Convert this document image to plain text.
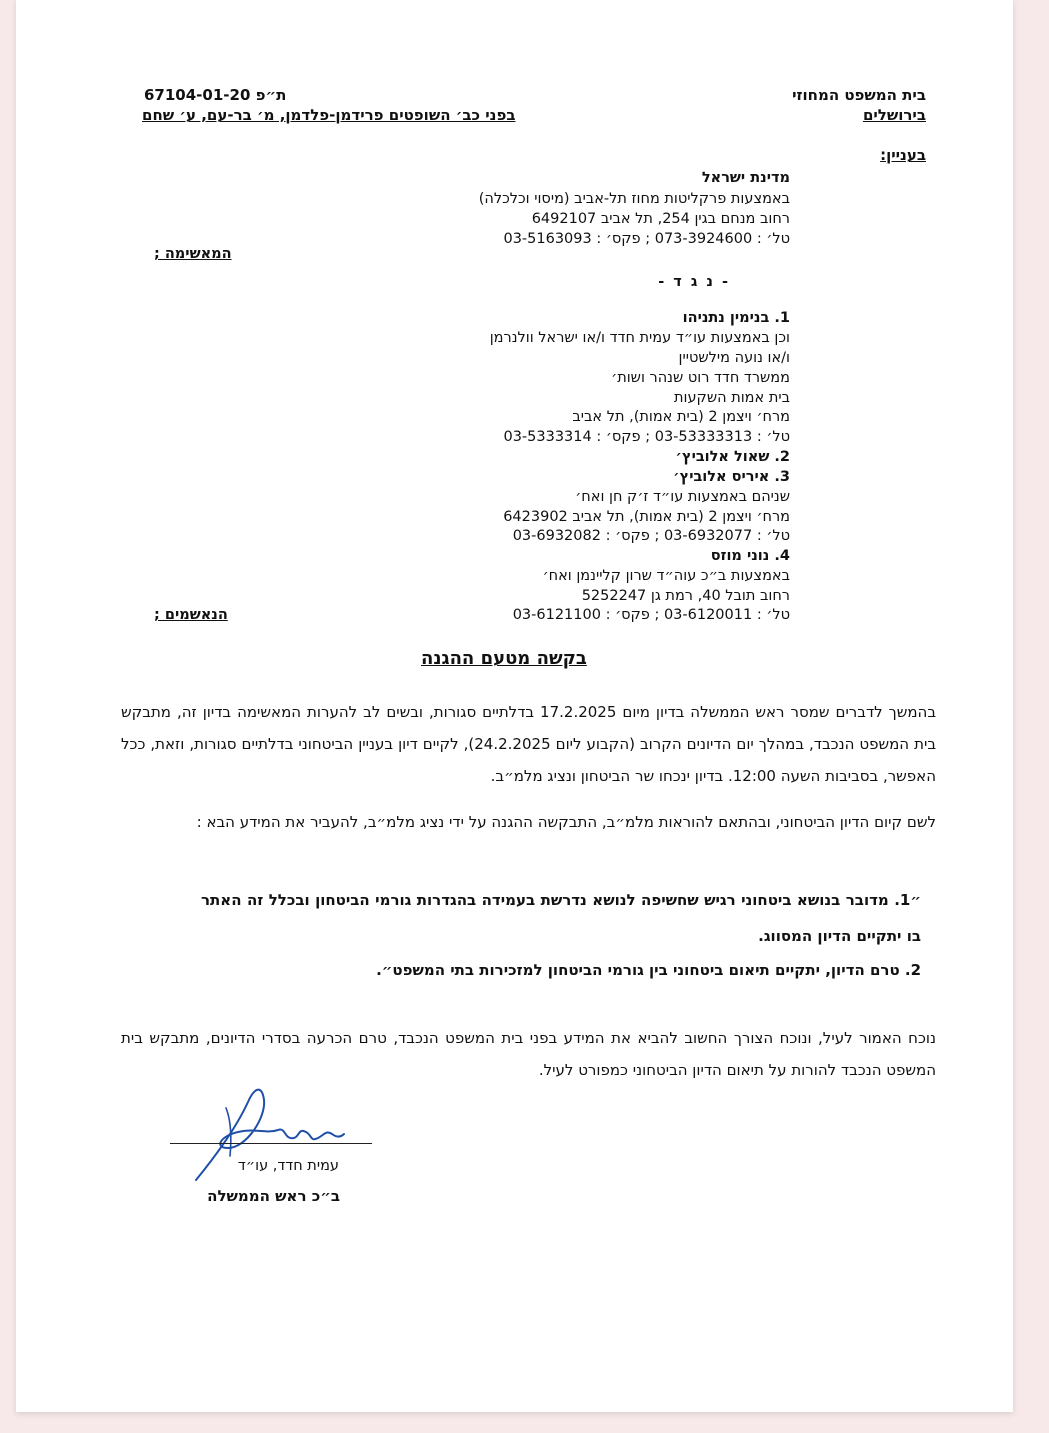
בית המשפט המחוזי
בירושלים
ת״פ 67104-01-20
בפני כב׳ השופטים פרידמן-פלדמן, מ׳ בר-עם, ע׳ שחם
בעניין:
מדינת ישראל
באמצעות פרקליטות מחוז תל-אביב (מיסוי וכלכלה)
רחוב מנחם בגין 254, תל אביב 6492107
טל׳ : 073-3924600 ; פקס׳ : 03-5163093
המאשימה ;
- נ ג ד -
1. בנימין נתניהו
וכן באמצעות עו״ד עמית חדד ו/או ישראל וולנרמן
ו/או נועה מילשטיין
ממשרד חדד רוט שנהר ושות׳
בית אמות השקעות
מרח׳ ויצמן 2 (בית אמות), תל אביב
טל׳ : 03-53333313 ; פקס׳ : 03-5333314
2. שאול אלוביץ׳
3. איריס אלוביץ׳
שניהם באמצעות עו״ד ז׳ק חן ואח׳
מרח׳ ויצמן 2 (בית אמות), תל אביב 6423902
טל׳ : 03-6932077 ; פקס׳ : 03-6932082
4. נוני מוזס
באמצעות ב״כ עוה״ד שרון קליינמן ואח׳
רחוב תובל 40, רמת גן 5252247
טל׳ : 03-6120011 ; פקס׳ : 03-6121100
הנאשמים ;
בקשה מטעם ההגנה
בהמשך לדברים שמסר ראש הממשלה בדיון מיום 17.2.2025 בדלתיים סגורות, ובשים לב להערות המאשימה בדיון זה, מתבקש בית המשפט הנכבד, במהלך יום הדיונים הקרוב (הקבוע ליום 24.2.2025), לקיים דיון בעניין הביטחוני בדלתיים סגורות, וזאת, ככל האפשר, בסביבות השעה 12:00. בדיון ינכחו שר הביטחון ונציג מלמ״ב.
לשם קיום הדיון הביטחוני, ובהתאם להוראות מלמ״ב, התבקשה ההגנה על ידי נציג מלמ״ב, להעביר את המידע הבא :
״1. מדובר בנושא ביטחוני רגיש שחשיפה לנושא נדרשת בעמידה בהגדרות גורמי הביטחון ובכלל זה האתר בו יתקיים הדיון המסווג.
2. טרם הדיון, יתקיים תיאום ביטחוני בין גורמי הביטחון למזכירות בתי המשפט״.
נוכח האמור לעיל, ונוכח הצורך החשוב להביא את המידע בפני בית המשפט הנכבד, טרם הכרעה בסדרי הדיונים, מתבקש בית המשפט הנכבד להורות על תיאום הדיון הביטחוני כמפורט לעיל.
עמית חדד, עו״ד
ב״כ ראש הממשלה
